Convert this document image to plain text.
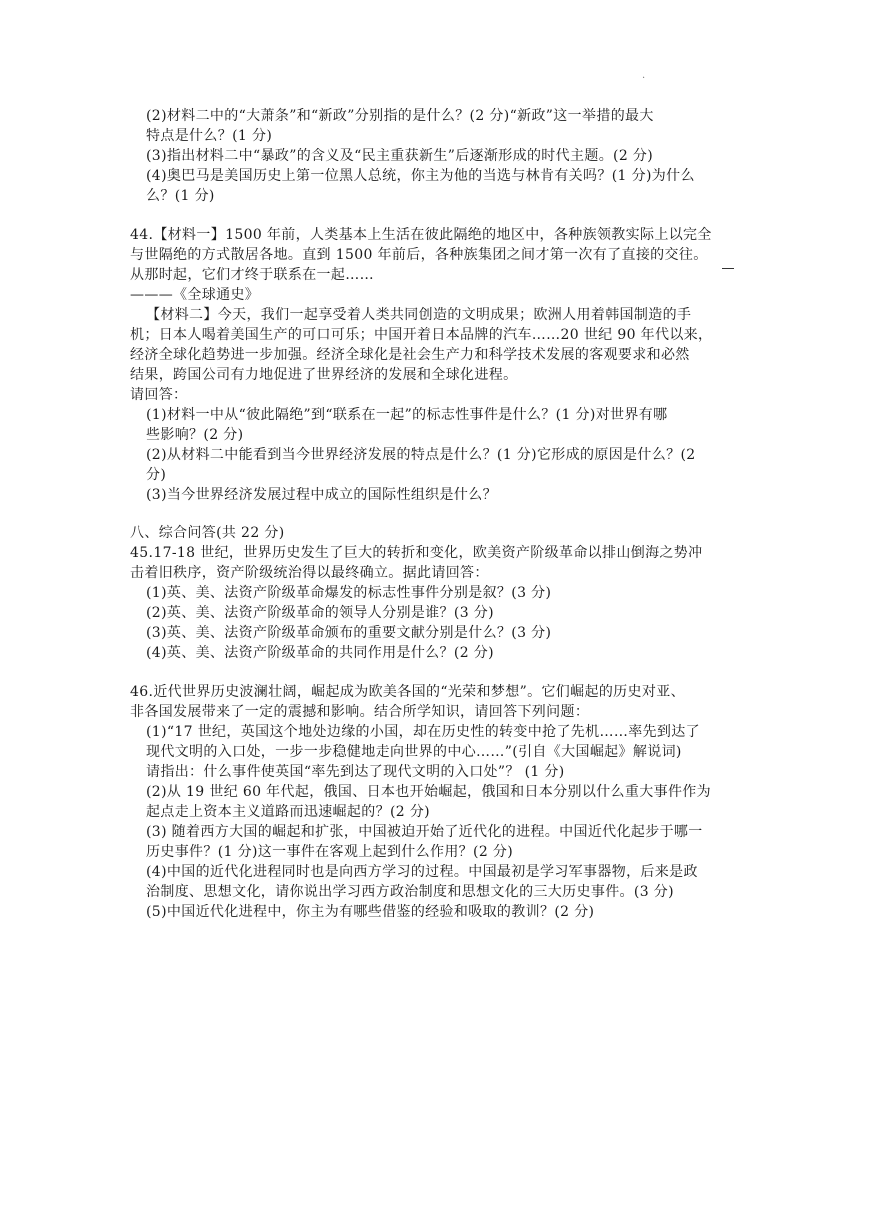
.
(2)材料二中的“大萧条”和“新政”分别指的是什么？(2 分)“新政”这一举措的最大
特点是什么？(1 分)
(3)指出材料二中“暴政”的含义及“民主重获新生”后逐渐形成的时代主题。(2 分)
(4)奥巴马是美国历史上第一位黑人总统，你主为他的当选与林肯有关吗？(1 分)为什么
么？(1 分)
44.【材料一】1500 年前，人类基本上生活在彼此隔绝的地区中，各种族领教实际上以完全
与世隔绝的方式散居各地。直到 1500 年前后，各种族集团之间才第一次有了直接的交往。
从那时起，它们才终于联系在一起……
———《全球通史》
【材料二】今天，我们一起享受着人类共同创造的文明成果；欧洲人用着韩国制造的手
机；日本人喝着美国生产的可口可乐；中国开着日本品牌的汽车……20 世纪 90 年代以来，
经济全球化趋势进一步加强。经济全球化是社会生产力和科学技术发展的客观要求和必然
结果，跨国公司有力地促进了世界经济的发展和全球化进程。
请回答：
(1)材料一中从“彼此隔绝”到“联系在一起”的标志性事件是什么？(1 分)对世界有哪
些影响？(2 分)
(2)从材料二中能看到当今世界经济发展的特点是什么？(1 分)它形成的原因是什么？(2
分)
(3)当今世界经济发展过程中成立的国际性组织是什么？
八、综合问答(共 22 分)
45.17-18 世纪，世界历史发生了巨大的转折和变化，欧美资产阶级革命以排山倒海之势冲
击着旧秩序，资产阶级统治得以最终确立。据此请回答：
(1)英、美、法资产阶级革命爆发的标志性事件分别是叙？(3 分)
(2)英、美、法资产阶级革命的领导人分别是谁？(3 分)
(3)英、美、法资产阶级革命颁布的重要文献分别是什么？(3 分)
(4)英、美、法资产阶级革命的共同作用是什么？(2 分)
46.近代世界历史波澜壮阔，崛起成为欧美各国的“光荣和梦想”。它们崛起的历史对亚、
非各国发展带来了一定的震撼和影响。结合所学知识，请回答下列问题：
(1)“17 世纪，英国这个地处边缘的小国，却在历史性的转变中抢了先机……率先到达了
现代文明的入口处，一步一步稳健地走向世界的中心……”(引自《大国崛起》解说词)
请指出：什么事件使英国“率先到达了现代文明的入口处”？ (1 分)
(2)从 19 世纪 60 年代起，俄国、日本也开始崛起，俄国和日本分别以什么重大事件作为
起点走上资本主义道路而迅速崛起的？(2 分)
(3) 随着西方大国的崛起和扩张，中国被迫开始了近代化的进程。中国近代化起步于哪一
历史事件？(1 分)这一事件在客观上起到什么作用？(2 分)
(4)中国的近代化进程同时也是向西方学习的过程。中国最初是学习军事器物，后来是政
治制度、思想文化，请你说出学习西方政治制度和思想文化的三大历史事件。(3 分)
(5)中国近代化进程中，你主为有哪些借鉴的经验和吸取的教训？(2 分)
